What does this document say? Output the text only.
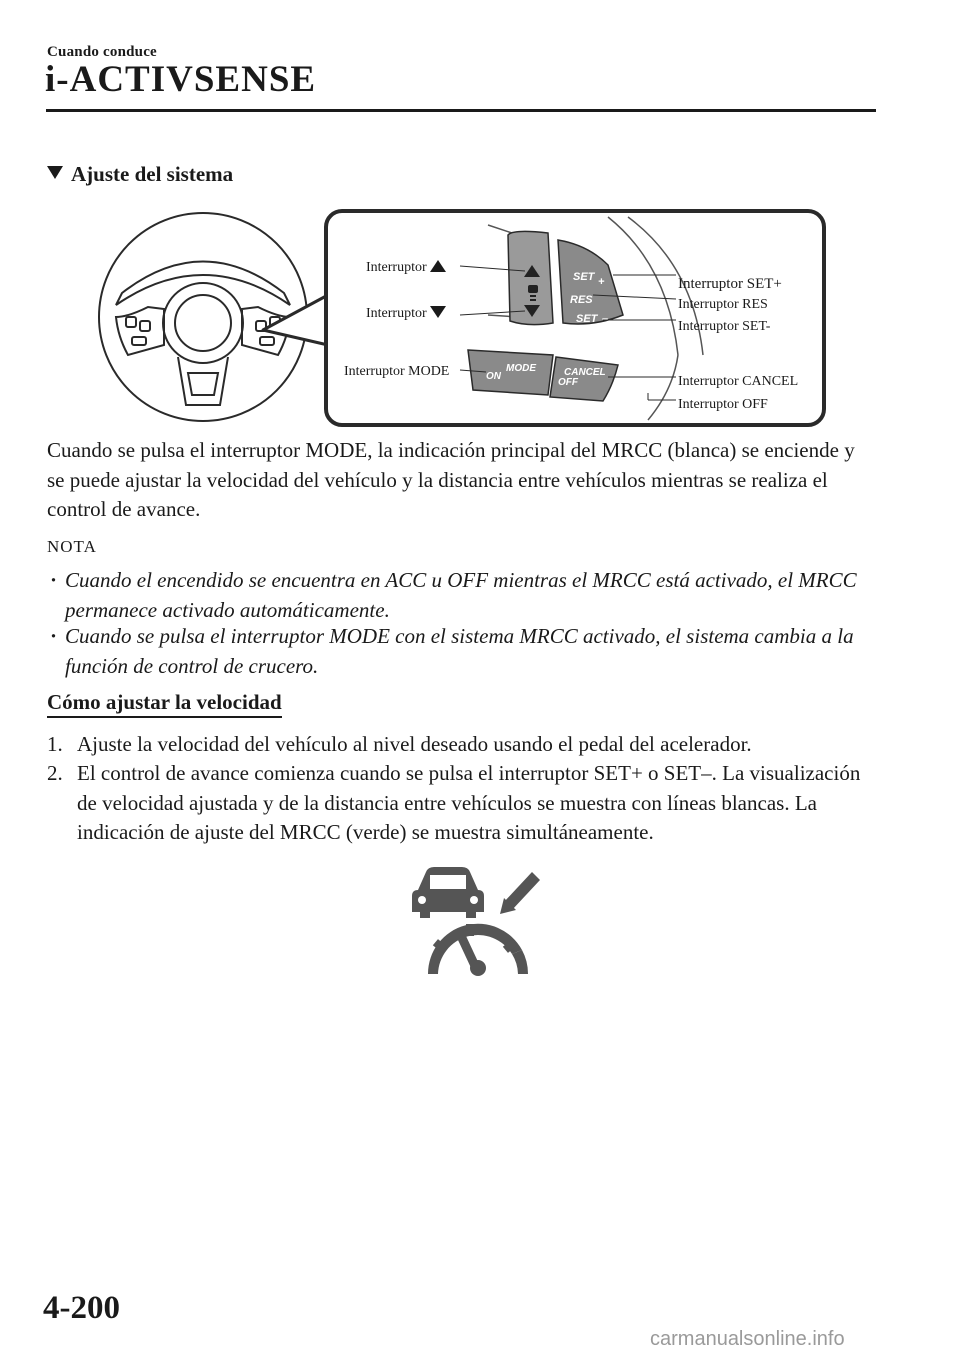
Cuando conduce
i-ACTIVSENSE
Ajuste del sistema
SET +
RES
SET –
MODE
ON	CANCEL
OFF
Interruptor
Interruptor
Interruptor MODE
Interruptor SET+
Interruptor RES
Interruptor SET-
Interruptor CANCEL
Interruptor OFF
Cuando se pulsa el interruptor MODE, la indicación principal del MRCC (blanca) se enciende y se puede ajustar la velocidad del vehículo y la distancia entre vehículos mientras se realiza el control de avance.
NOTA
· Cuando el encendido se encuentra en ACC u OFF mientras el MRCC está activado, el MRCC permanece activado automáticamente.
· Cuando se pulsa el interruptor MODE con el sistema MRCC activado, el sistema cambia a la función de control de crucero.
Cómo ajustar la velocidad
1. Ajuste la velocidad del vehículo al nivel deseado usando el pedal del acelerador.
2. El control de avance comienza cuando se pulsa el interruptor SET+ o SET–. La visualización de velocidad ajustada y de la distancia entre vehículos se muestra con líneas blancas. La indicación de ajuste del MRCC (verde) se muestra simultáneamente.
4-200
carmanualsonline.info
